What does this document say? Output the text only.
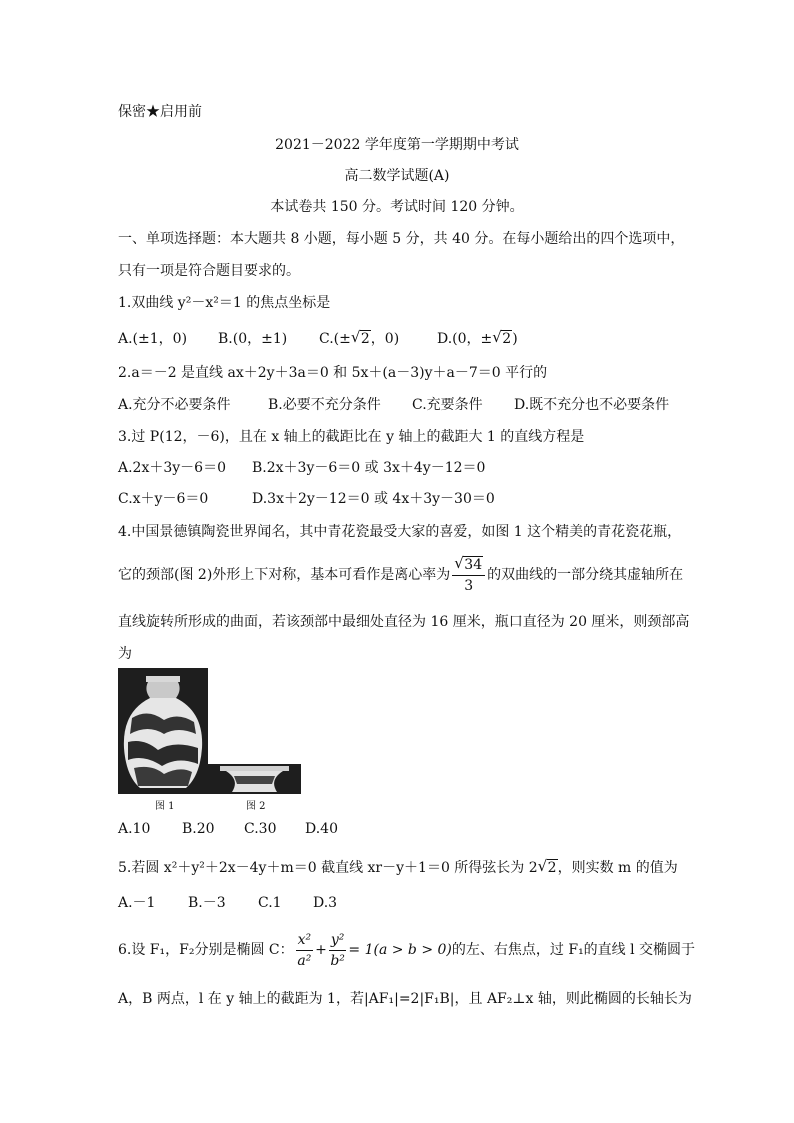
保密★启用前
2021－2022 学年度第一学期期中考试
高二数学试题(A)
本试卷共 150 分。考试时间 120 分钟。
一、单项选择题：本大题共 8 小题，每小题 5 分，共 40 分。在每小题给出的四个选项中，
只有一项是符合题目要求的。
1.双曲线 y²－x²＝1 的焦点坐标是
A.(±1，0) B.(0，±1) C.(± √ 2，0)	D.(0，± √ 2)
2.a＝－2 是直线 ax＋2y＋3a＝0 和 5x＋(a－3)y＋a－7＝0 平行的
A.充分不必要条件	B.必要不充分条件 C.充要条件 D.既不充分也不必要条件
3.过 P(12，－6)，且在 x 轴上的截距比在 y 轴上的截距大 1 的直线方程是
A.2x＋3y－6＝0 B.2x＋3y－6＝0 或 3x＋4y－12＝0
C.x＋y－6＝0	D.3x＋2y－12＝0 或 4x＋3y－30＝0
4.中国景德镇陶瓷世界闻名，其中青花瓷最受大家的喜爱，如图 1 这个精美的青花瓷花瓶，
它的颈部(图 2)外形上下对称，基本可看作是离心率为 √ $\frac{34}{3}$ 的双曲线的一部分绕其虚轴所在
直线旋转所形成的曲面，若该颈部中最细处直径为 16 厘米，瓶口直径为 20 厘米，则颈部高
为
图 1	图 2
A.10 B.20 C.30 D.40
5.若圆 x²＋y²＋2x－4y＋m＝0 截直线 xr－y＋1＝0 所得弦长为 2 √ 2，则实数 m 的值为
A.－1 B.－3 C.1 D.3
6.设 F₁，F₂分别是椭圆 C： $\frac{\text{x²}}{\text{a²}} + \frac{\text{y²}}{\text{b²}} = 1(a > b > 0)$的左、右焦点，过 F₁的直线 l 交椭圆于
A，B 两点，l 在 y 轴上的截距为 1，若|AF₁|=2|F₁B|，且 AF₂⊥x 轴，则此椭圆的长轴长为
